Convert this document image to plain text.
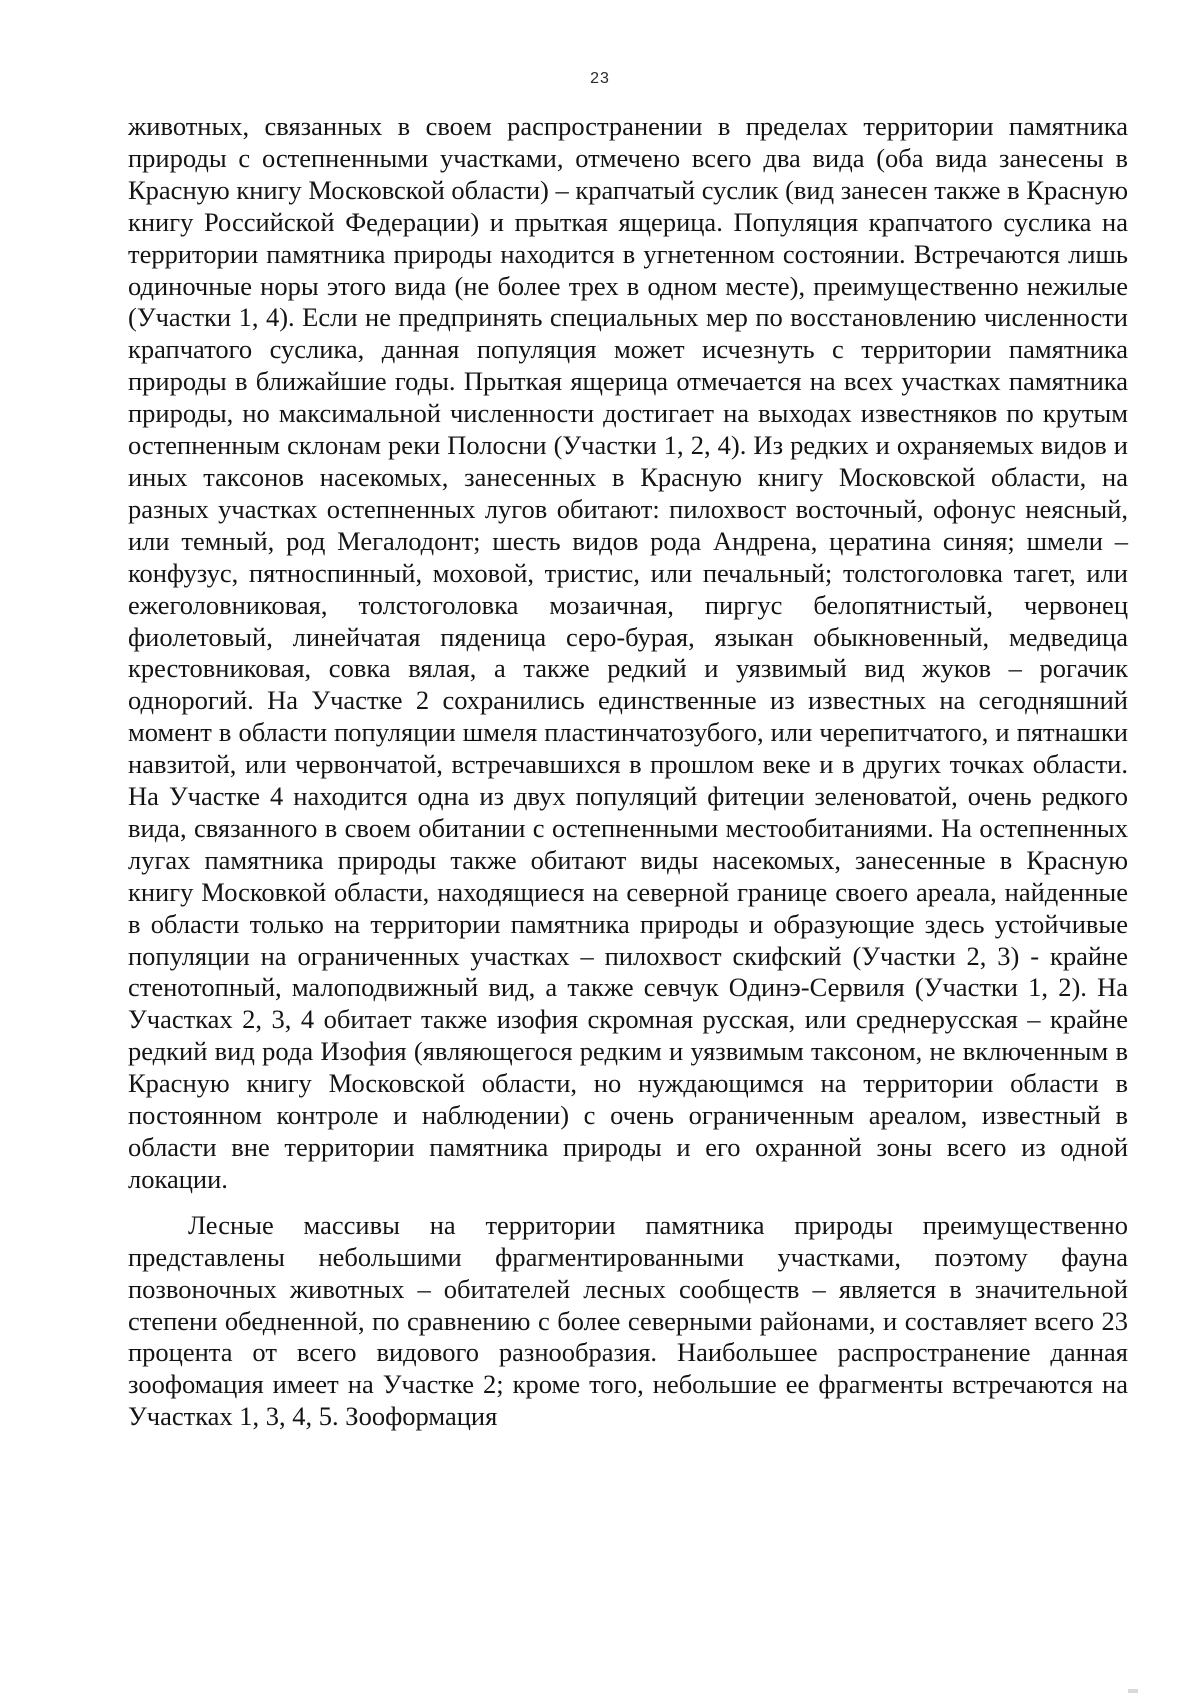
23

животных, связанных в своем распространении в пределах территории памятника природы с остепненными участками, отмечено всего два вида (оба вида занесены в Красную книгу Московской области) – крапчатый суслик (вид занесен также в Красную книгу Российской Федерации) и прыткая ящерица. Популяция крапчатого суслика на территории памятника природы находится в угнетенном состоянии. Встречаются лишь одиночные норы этого вида (не более трех в одном месте), преимущественно нежилые (Участки 1, 4). Если не предпринять специальных мер по восстановлению численности крапчатого суслика, данная популяция может исчезнуть с территории памятника природы в ближайшие годы. Прыткая ящерица отмечается на всех участках памятника природы, но максимальной численности достигает на выходах известняков по крутым остепненным склонам реки Полосни (Участки 1, 2, 4). Из редких и охраняемых видов и иных таксонов насекомых, занесенных в Красную книгу Московской области, на разных участках остепненных лугов обитают: пилохвост восточный, офонус неясный, или темный, род Мегалодонт; шесть видов рода Андрена, цератина синяя; шмели – конфузус, пятноспинный, моховой, тристис, или печальный; толстоголовка тагет, или ежеголовниковая, толстоголовка мозаичная, пиргус белопятнистый, червонец фиолетовый, линейчатая пяденица серо-бурая, языкан обыкновенный, медведица крестовниковая, совка вялая, а также редкий и уязвимый вид жуков – рогачик однорогий. На Участке 2 сохранились единственные из известных на сегодняшний момент в области популяции шмеля пластинчатозубого, или черепитчатого, и пятнашки навзитой, или червончатой, встречавшихся в прошлом веке и в других точках области. На Участке 4 находится одна из двух популяций фитеции зеленоватой, очень редкого вида, связанного в своем обитании с остепненными местообитаниями. На остепненных лугах памятника природы также обитают виды насекомых, занесенные в Красную книгу Московкой области, находящиеся на северной границе своего ареала, найденные в области только на территории памятника природы и образующие здесь устойчивые популяции на ограниченных участках – пилохвост скифский (Участки 2, 3) - крайне стенотопный, малоподвижный вид, а также севчук Одинэ-Сервиля (Участки 1, 2). На Участках 2, 3, 4 обитает также изофия скромная русская, или среднерусская – крайне редкий вид рода Изофия (являющегося редким и уязвимым таксоном, не включенным в Красную книгу Московской области, но нуждающимся на территории области в постоянном контроле и наблюдении) с очень ограниченным ареалом, известный в области вне территории памятника природы и его охранной зоны всего из одной локации.

Лесные массивы на территории памятника природы преимущественно представлены небольшими фрагментированными участками, поэтому фауна позвоночных животных – обитателей лесных сообществ – является в значительной степени обедненной, по сравнению с более северными районами, и составляет всего 23 процента от всего видового разнообразия. Наибольшее распространение данная зоофомация имеет на Участке 2; кроме того, небольшие ее фрагменты встречаются на Участках 1, 3, 4, 5. Зооформация
